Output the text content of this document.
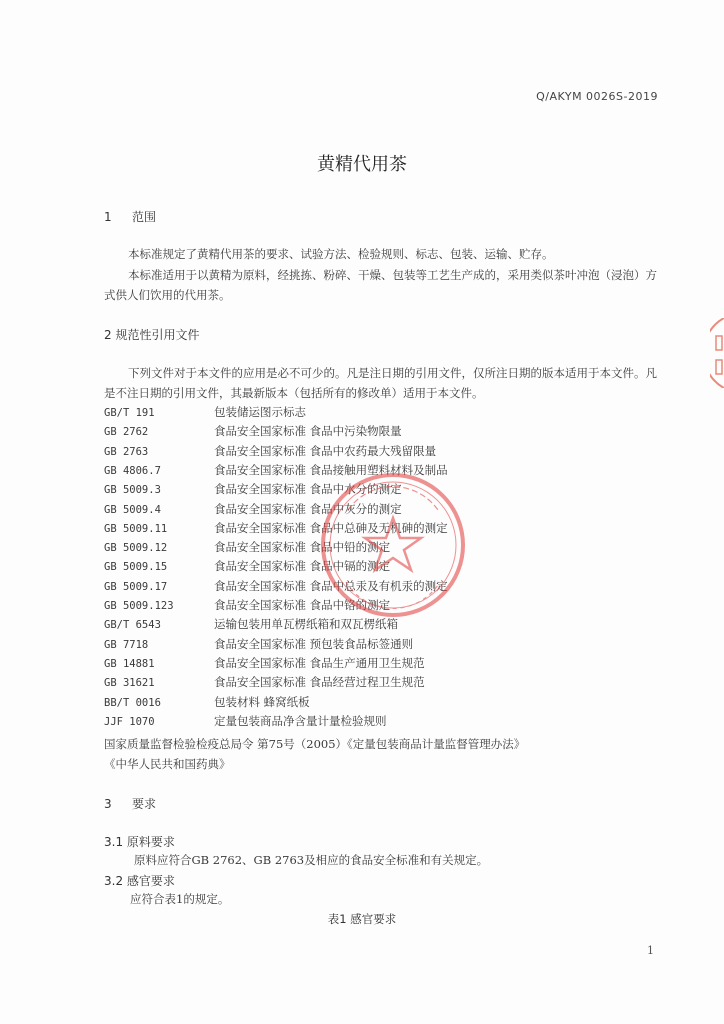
Q/AKYM 0026S-2019
黄精代用茶
1 范围
本标准规定了黄精代用茶的要求、试验方法、检验规则、标志、包装、运输、贮存。
本标准适用于以黄精为原料，经挑拣、粉碎、干燥、包装等工艺生产成的，采用类似茶叶冲泡（浸泡）方式供人们饮用的代用茶。
2 规范性引用文件
下列文件对于本文件的应用是必不可少的。凡是注日期的引用文件，仅所注日期的版本适用于本文件。凡是不注日期的引用文件，其最新版本（包括所有的修改单）适用于本文件。
GB/T 191	包装储运图示标志
GB 2762	食品安全国家标准 食品中污染物限量
GB 2763	食品安全国家标准 食品中农药最大残留限量
GB 4806.7	食品安全国家标准 食品接触用塑料材料及制品
GB 5009.3	食品安全国家标准 食品中水分的测定
GB 5009.4	食品安全国家标准 食品中灰分的测定
GB 5009.11	食品安全国家标准 食品中总砷及无机砷的测定
GB 5009.12	食品安全国家标准 食品中铅的测定
GB 5009.15	食品安全国家标准 食品中镉的测定
GB 5009.17	食品安全国家标准 食品中总汞及有机汞的测定
GB 5009.123	食品安全国家标准 食品中铬的测定
GB/T 6543	运输包装用单瓦楞纸箱和双瓦楞纸箱
GB 7718	食品安全国家标准 预包装食品标签通则
GB 14881	食品安全国家标准 食品生产通用卫生规范
GB 31621	食品安全国家标准 食品经营过程卫生规范
BB/T 0016	包装材料 蜂窝纸板
JJF 1070	定量包装商品净含量计量检验规则
国家质量监督检验检疫总局令 第75号（2005）《定量包装商品计量监督管理办法》
《中华人民共和国药典》
3 要求
3.1 原料要求
原料应符合GB 2762、GB 2763及相应的食品安全标准和有关规定。
3.2 感官要求
应符合表1的规定。
表1 感官要求
1
